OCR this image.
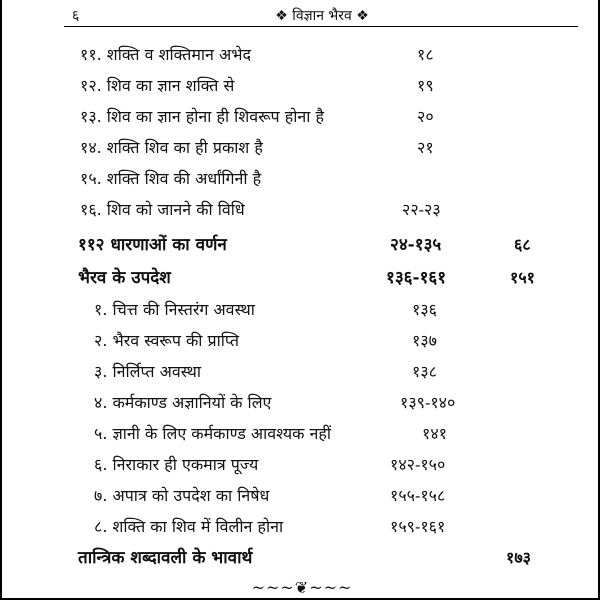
६	❖ विज्ञान भैरव ❖
११. शक्ति व शक्तिमान अभेद	१८
१२. शिव का ज्ञान शक्ति से	१९
१३. शिव का ज्ञान होना ही शिवरूप होना है	२०
१४. शक्ति शिव का ही प्रकाश है	२१
१५. शक्ति शिव की अर्धांगिनी है
१६. शिव को जानने की विधि	२२-२३
११२ धारणाओं का वर्णन	२४-१३५	६८
भैरव के उपदेश	१३६-१६१	१५१
१. चित्त की निस्तरंग अवस्था	१३६
२. भैरव स्वरूप की प्राप्ति	१३७
३. निर्लिप्त अवस्था	१३८
४. कर्मकाण्ड अज्ञानियों के लिए	१३९-१४०
५. ज्ञानी के लिए कर्मकाण्ड आवश्यक नहीं	१४१
६. निराकार ही एकमात्र पूज्य	१४२-१५०
७. अपात्र को उपदेश का निषेध	१५५-१५८
८. शक्ति का शिव में विलीन होना	१५९-१६१
तान्त्रिक शब्दावली के भावार्थ	१७३
~~~❦~~~
